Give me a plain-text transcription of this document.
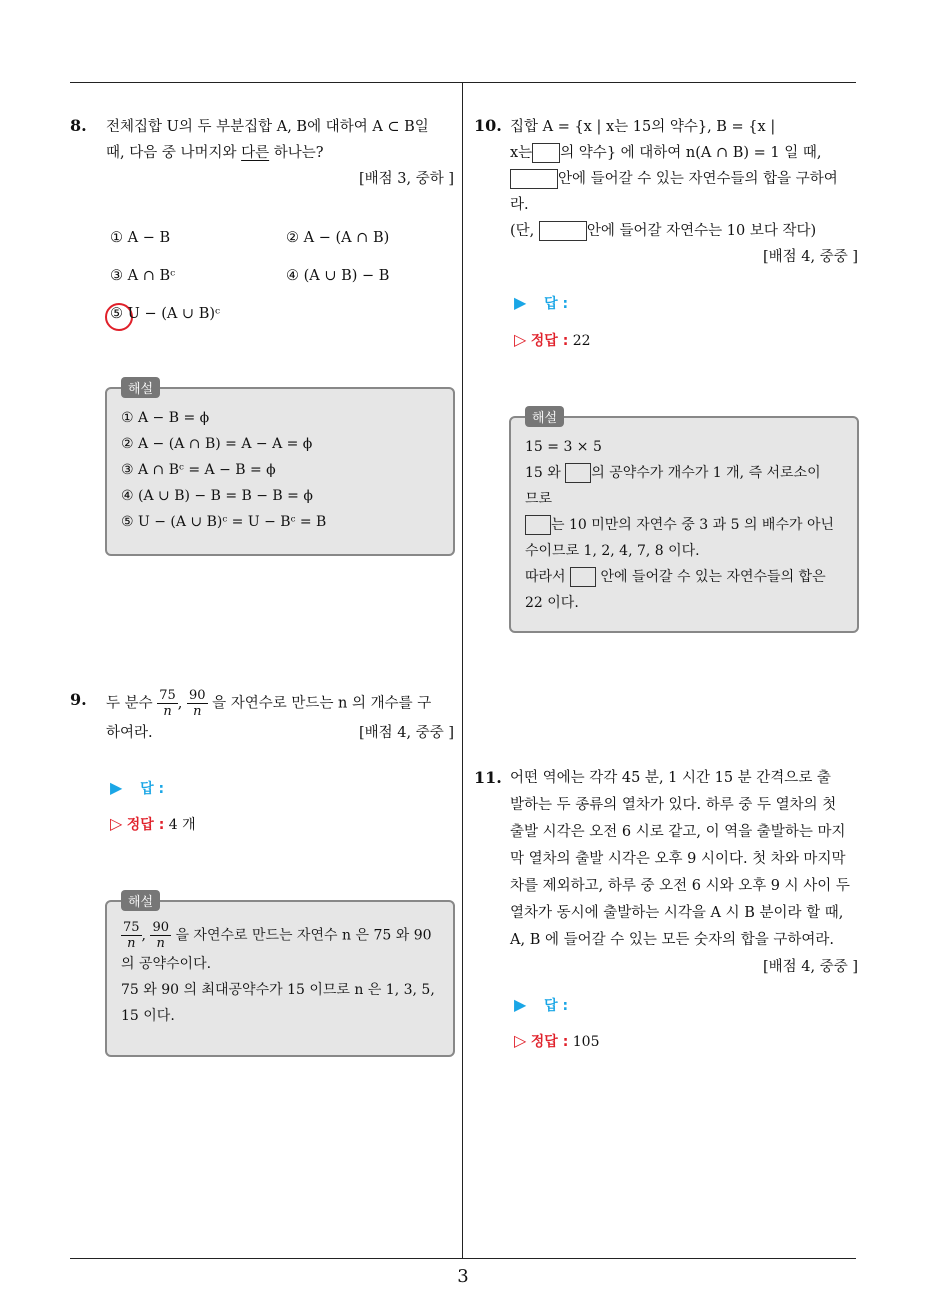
8. 전체집합 U의 두 부분집합 A, B에 대하여 A ⊂ B일

때, 다음 중 나머지와 다른 하나는?

[배점 3, 중하 ]

① A − B	② A − (A ∩ B)
③ A ∩ Bᶜ	④ (A ∪ B) − B
⑤ U − (A ∪ B)ᶜ
해설

① A − B = ϕ

② A − (A ∩ B) = A − A = ϕ

③ A ∩ Bᶜ = A − B = ϕ

④ (A ∪ B) − B = B − B = ϕ

⑤ U − (A ∪ B)ᶜ = U − Bᶜ = B

9. 두 분수 $\frac{75}{n}$ , $\frac{90}{n}$ 을 자연수로 만드는 n 의 개수를 구

하여라.	[배점 4, 중중 ]

▶ 답 :
▷ 정답 : 4 개
해설

$\frac{75}{n}$ , $\frac{90}{n}$ 을 자연수로 만드는 자연수 n 은 75 와 90

의 공약수이다.

75 와 90 의 최대공약수가 15 이므로 n 은 1, 3, 5,

15 이다.

10. 집합 A = {x | x는 15의 약수}, B = {x |

x는 의 약수} 에 대하여 n(A ∩ B) = 1 일 때,

안에 들어갈 수 있는 자연수들의 합을 구하여

라.

(단,	안에 들어갈 자연수는 10 보다 작다)

[배점 4, 중중 ]

▶ 답 :
▷ 정답 : 22
해설

15 = 3 × 5

15 와 의 공약수가 개수가 1 개, 즉 서로소이

므로

는 10 미만의 자연수 중 3 과 5 의 배수가 아닌

수이므로 1, 2, 4, 7, 8 이다.

따라서 안에 들어갈 수 있는 자연수들의 합은

22 이다.

11. 어떤 역에는 각각 45 분, 1 시간 15 분 간격으로 출

발하는 두 종류의 열차가 있다. 하루 중 두 열차의 첫

출발 시각은 오전 6 시로 같고, 이 역을 출발하는 마지

막 열차의 출발 시각은 오후 9 시이다. 첫 차와 마지막

차를 제외하고, 하루 중 오전 6 시와 오후 9 시 사이 두

열차가 동시에 출발하는 시각을 A 시 B 분이라 할 때,

A, B 에 들어갈 수 있는 모든 숫자의 합을 구하여라.

[배점 4, 중중 ]

▶ 답 :
▷ 정답 : 105
3
